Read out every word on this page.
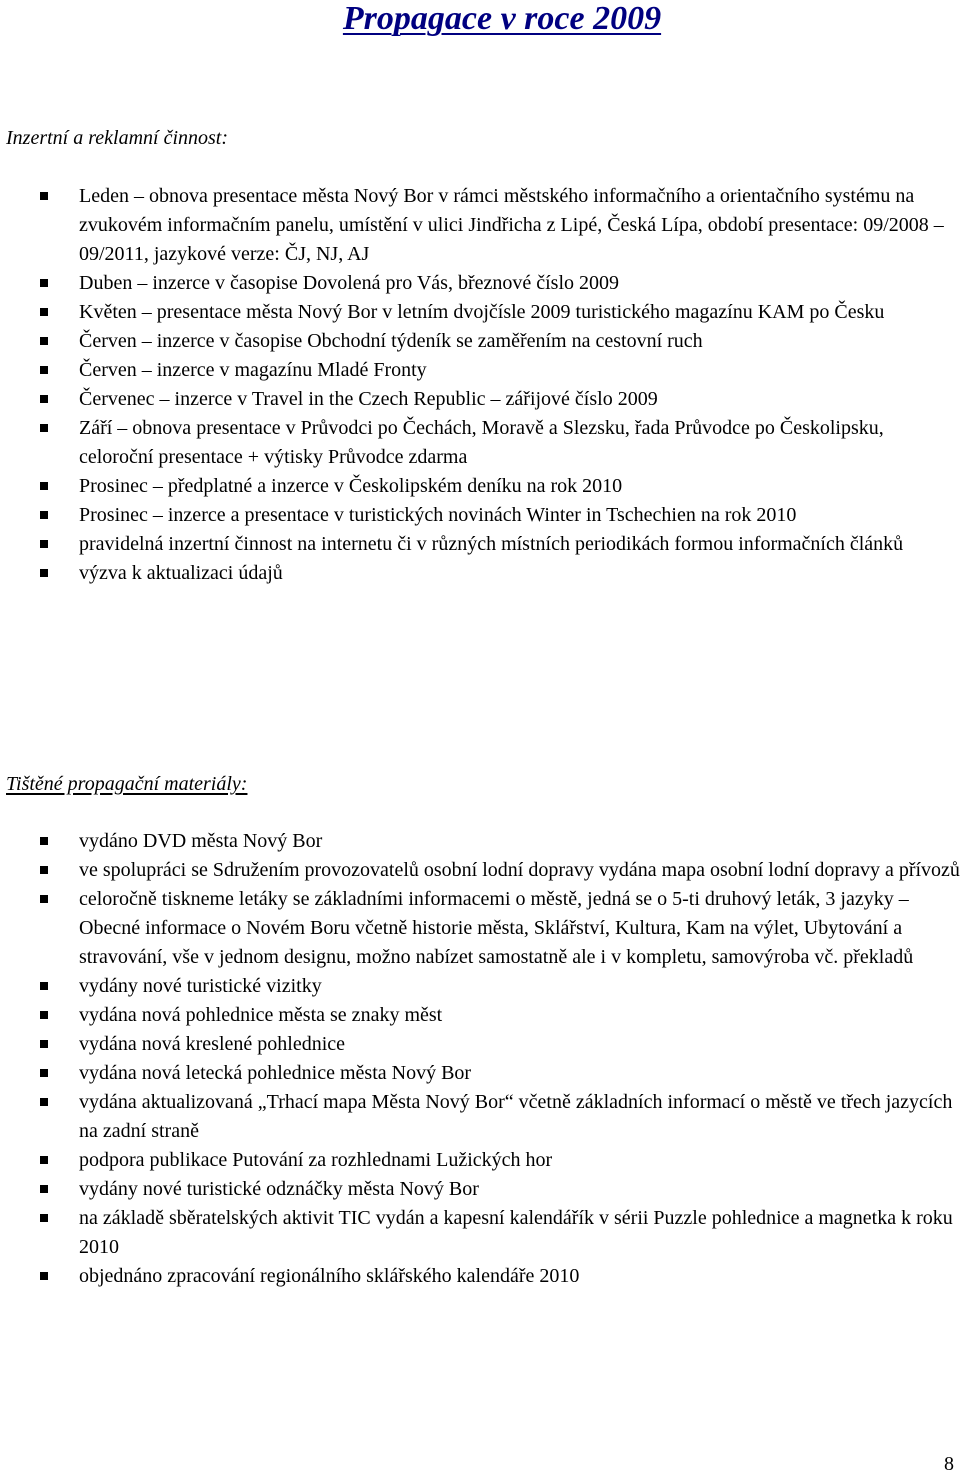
Propagace v roce 2009
Inzertní a reklamní činnost:
Leden – obnova presentace města Nový Bor v rámci městského informačního a orientačního systému na zvukovém informačním panelu, umístění v ulici Jindřicha z Lipé, Česká Lípa, období presentace: 09/2008 – 09/2011, jazykové verze: ČJ, NJ, AJ
Duben – inzerce v časopise Dovolená pro Vás, březnové číslo 2009
Květen – presentace města Nový Bor v letním dvojčísle 2009 turistického magazínu KAM po Česku
Červen – inzerce v časopise Obchodní týdeník se zaměřením na cestovní ruch
Červen – inzerce v magazínu Mladé Fronty
Červenec – inzerce v Travel in the Czech Republic – zářijové číslo 2009
Září – obnova presentace v Průvodci po Čechách, Moravě a Slezsku, řada Průvodce po Českolipsku, celoroční presentace + výtisky Průvodce zdarma
Prosinec – předplatné a inzerce v Českolipském deníku na rok 2010
Prosinec – inzerce a presentace v turistických novinách Winter in Tschechien na rok 2010
pravidelná inzertní činnost na internetu či v různých místních periodikách formou informačních článků
výzva k aktualizaci údajů
Tištěné propagační materiály:
vydáno DVD města Nový Bor
ve spolupráci se Sdružením provozovatelů osobní lodní dopravy vydána mapa osobní lodní dopravy a přívozů
celoročně tiskneme letáky se základními informacemi o městě, jedná se o 5-ti druhový leták, 3 jazyky – Obecné informace o Novém Boru včetně historie města, Sklářství, Kultura, Kam na výlet, Ubytování a stravování, vše v jednom designu, možno nabízet samostatně ale i v kompletu, samovýroba vč. překladů
vydány nové turistické vizitky
vydána nová pohlednice města se znaky měst
vydána nová kreslené pohlednice
vydána nová letecká pohlednice města Nový Bor
vydána aktualizovaná „Trhací mapa Města Nový Bor“ včetně základních informací o městě ve třech jazycích na zadní straně
podpora publikace Putování za rozhlednami Lužických hor
vydány nové turistické odznáčky města Nový Bor
na základě sběratelských aktivit TIC vydán a kapesní kalendářík v sérii Puzzle pohlednice a magnetka k roku 2010
objednáno zpracování regionálního sklářského kalendáře 2010
8
